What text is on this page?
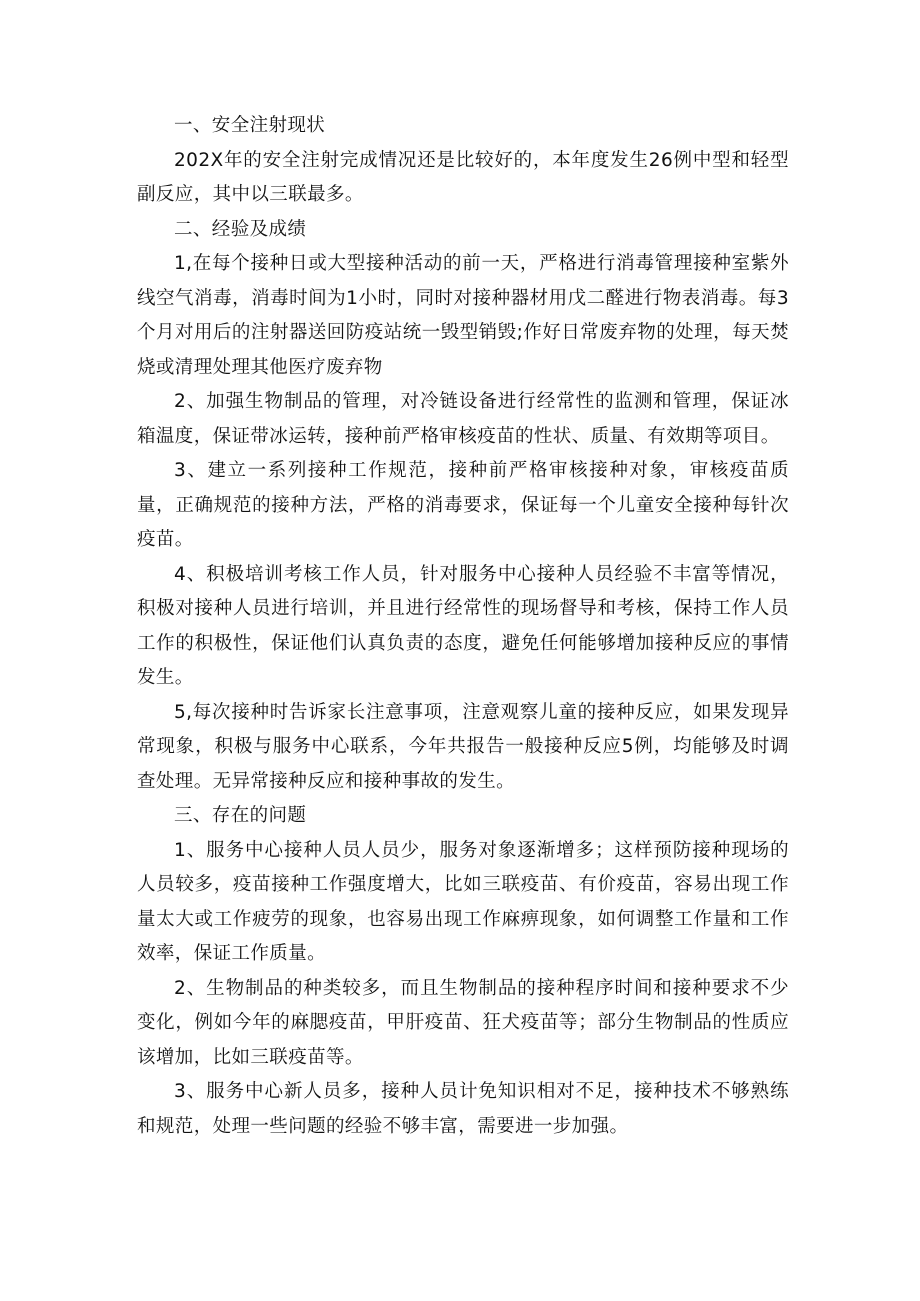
一、安全注射现状

202X年的安全注射完成情况还是比较好的，本年度发生26例中型和轻型副反应，其中以三联最多。

二、经验及成绩

1,在每个接种日或大型接种活动的前一天，严格进行消毒管理接种室紫外线空气消毒，消毒时间为1小时，同时对接种器材用戊二醛进行物表消毒。每3个月对用后的注射器送回防疫站统一毁型销毁;作好日常废弃物的处理，每天焚烧或清理处理其他医疗废弃物

2、加强生物制品的管理，对冷链设备进行经常性的监测和管理，保证冰箱温度，保证带冰运转，接种前严格审核疫苗的性状、质量、有效期等项目。

3、建立一系列接种工作规范，接种前严格审核接种对象，审核疫苗质量，正确规范的接种方法，严格的消毒要求，保证每一个儿童安全接种每针次疫苗。

4、积极培训考核工作人员，针对服务中心接种人员经验不丰富等情况，积极对接种人员进行培训，并且进行经常性的现场督导和考核，保持工作人员工作的积极性，保证他们认真负责的态度，避免任何能够增加接种反应的事情发生。

5,每次接种时告诉家长注意事项，注意观察儿童的接种反应，如果发现异常现象，积极与服务中心联系，今年共报告一般接种反应5例，均能够及时调查处理。无异常接种反应和接种事故的发生。

三、存在的问题

1、服务中心接种人员人员少，服务对象逐渐增多；这样预防接种现场的人员较多，疫苗接种工作强度增大，比如三联疫苗、有价疫苗，容易出现工作量太大或工作疲劳的现象，也容易出现工作麻痹现象，如何调整工作量和工作效率，保证工作质量。

2、生物制品的种类较多，而且生物制品的接种程序时间和接种要求不少变化，例如今年的麻腮疫苗，甲肝疫苗、狂犬疫苗等；部分生物制品的性质应该增加，比如三联疫苗等。

3、服务中心新人员多，接种人员计免知识相对不足，接种技术不够熟练和规范，处理一些问题的经验不够丰富，需要进一步加强。
